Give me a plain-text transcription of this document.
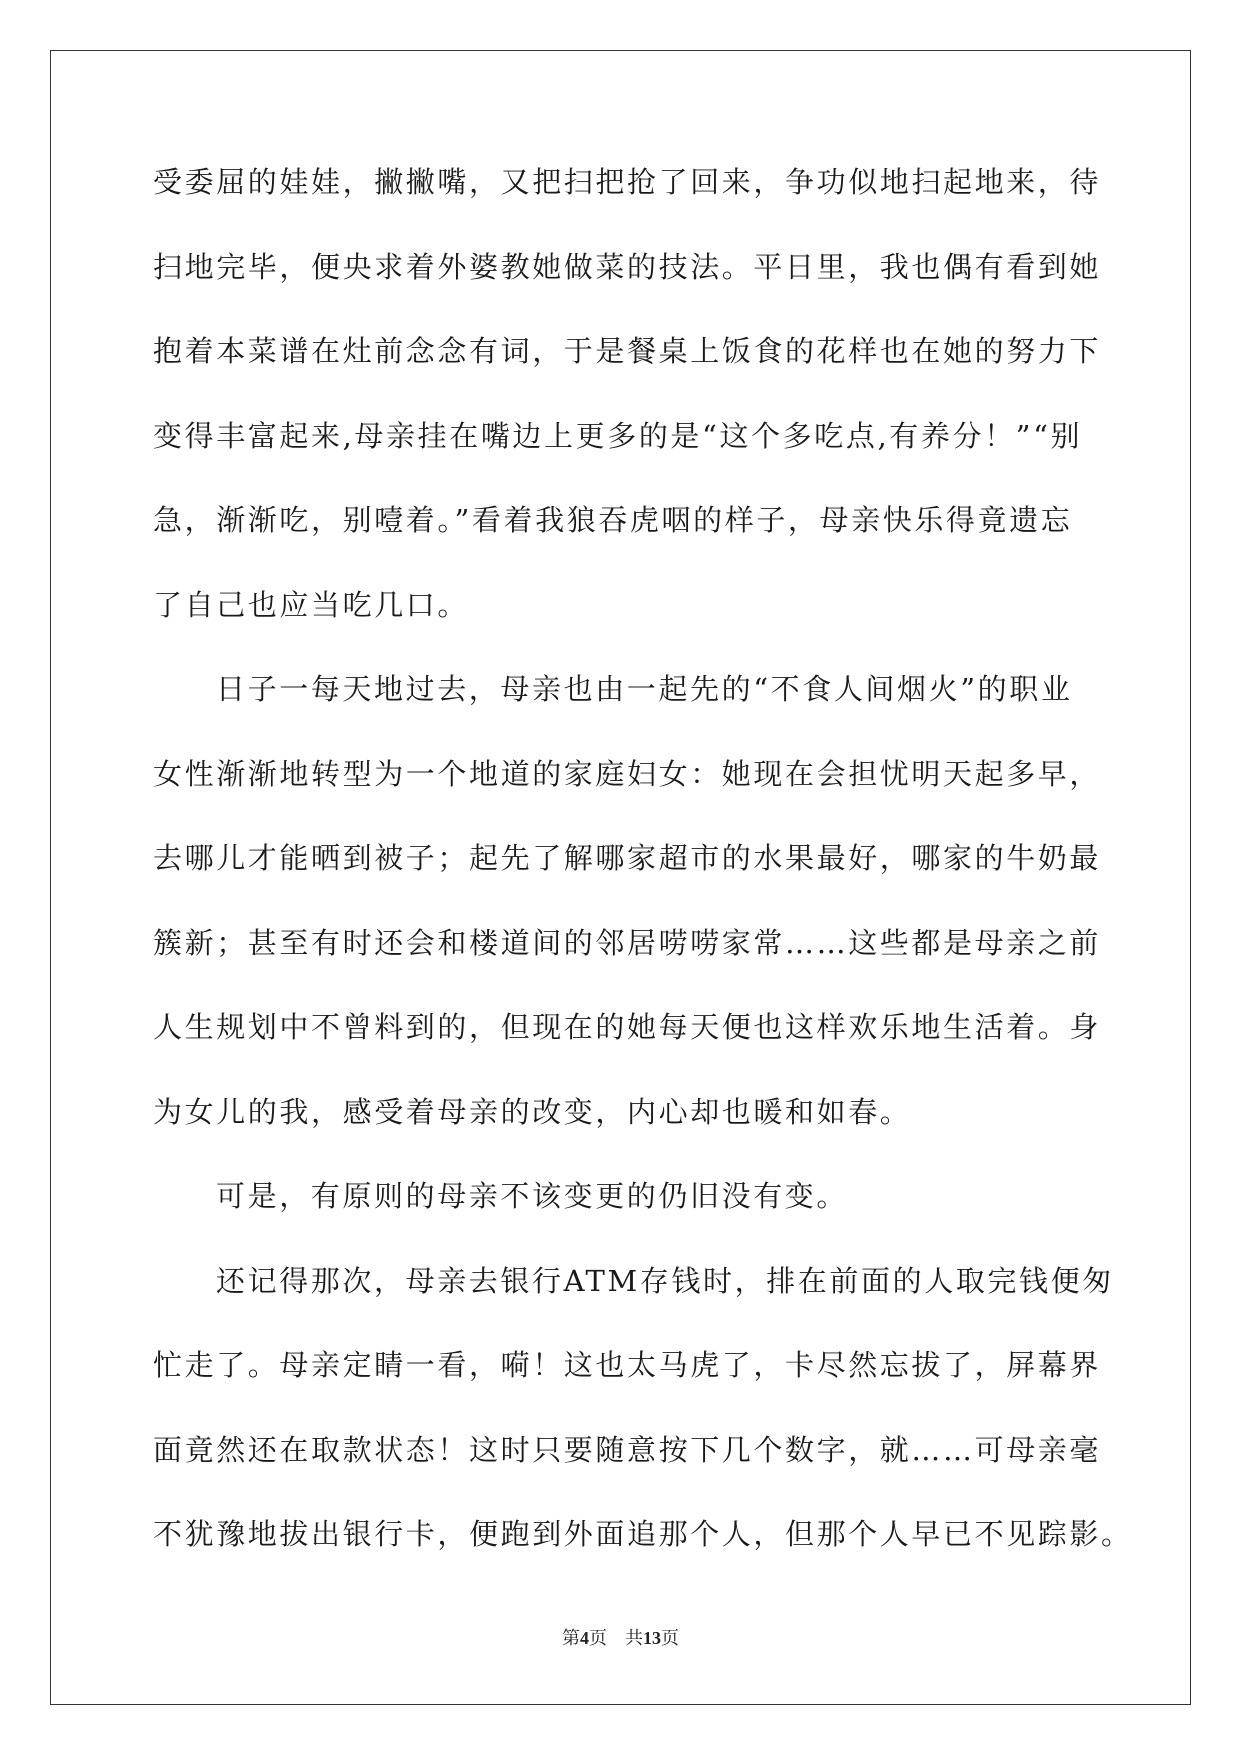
受委屈的娃娃，撇撇嘴，又把扫把抢了回来，争功似地扫起地来，待
扫地完毕，便央求着外婆教她做菜的技法。平日里，我也偶有看到她
抱着本菜谱在灶前念念有词，于是餐桌上饭食的花样也在她的努力下
变得丰富起来,母亲挂在嘴边上更多的是“这个多吃点,有养分！”“别
急，渐渐吃，别噎着。”看着我狼吞虎咽的样子，母亲快乐得竟遗忘
了自己也应当吃几口。
日子一每天地过去，母亲也由一起先的“不食人间烟火”的职业
女性渐渐地转型为一个地道的家庭妇女：她现在会担忧明天起多早，
去哪儿才能晒到被子；起先了解哪家超市的水果最好，哪家的牛奶最
簇新；甚至有时还会和楼道间的邻居唠唠家常……这些都是母亲之前
人生规划中不曾料到的，但现在的她每天便也这样欢乐地生活着。身
为女儿的我，感受着母亲的改变，内心却也暖和如春。
可是，有原则的母亲不该变更的仍旧没有变。
还记得那次，母亲去银行ATM存钱时，排在前面的人取完钱便匆
忙走了。母亲定睛一看，嗬！这也太马虎了，卡尽然忘拔了，屏幕界
面竟然还在取款状态！这时只要随意按下几个数字，就……可母亲毫
不犹豫地拔出银行卡，便跑到外面追那个人，但那个人早已不见踪影。
第4页 共13页
